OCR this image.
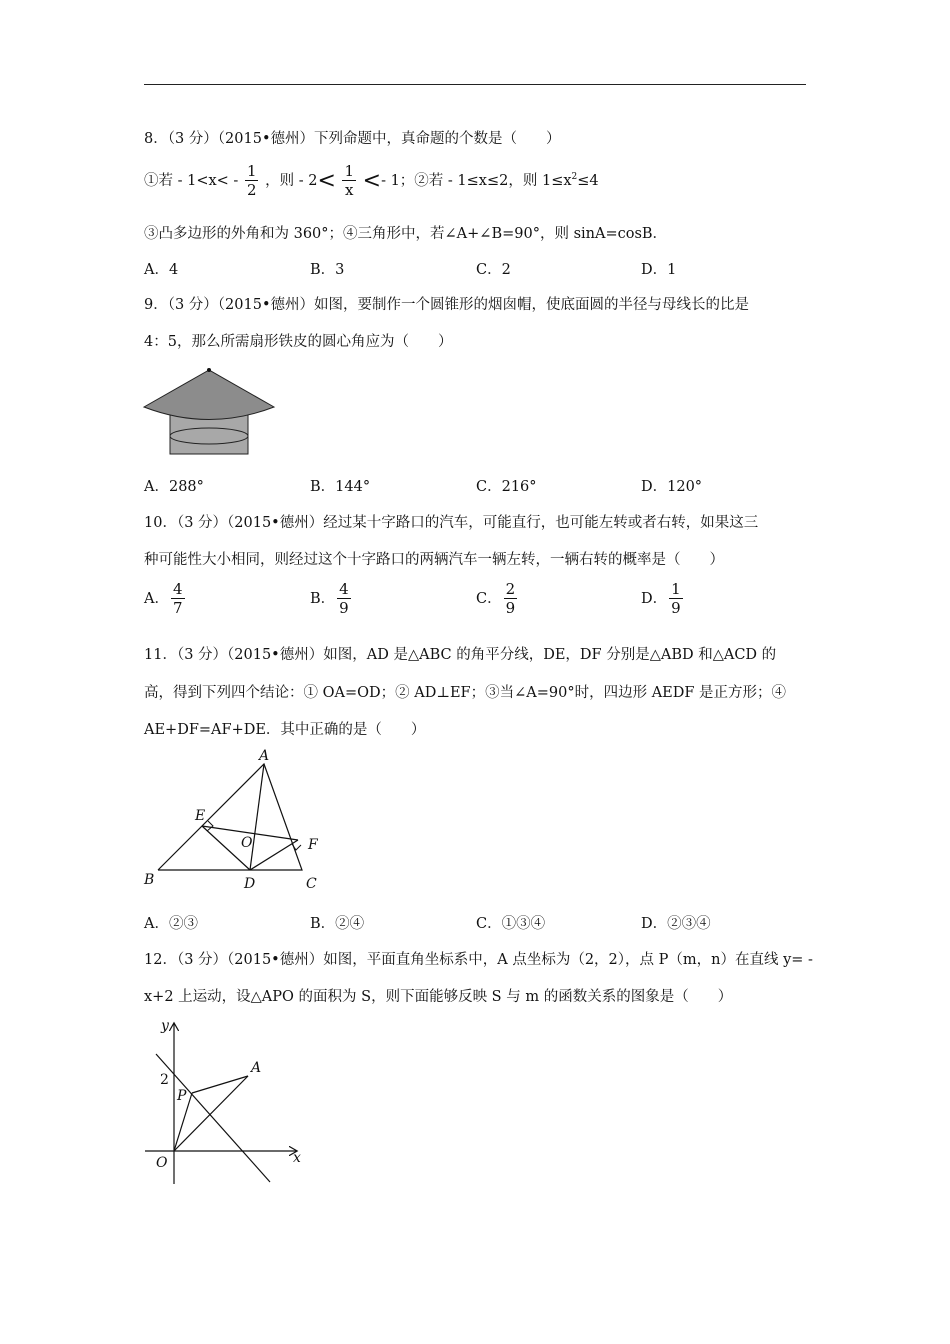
8．（3 分）（2015•德州）下列命题中，真命题的个数是（　　）
①若 - $1<x< - \frac{1}{2}$ ，则 - $2< \frac{1}{x} <- 1$；②若 - 1≤x≤2，则 $1\le x^2\le 4$
③凸多边形的外角和为 360°；④三角形中，若∠A+∠B=90°，则 sinA=cosB．
A．4	B．3	C．2	D．1
9．（3 分）（2015•德州）如图，要制作一个圆锥形的烟囱帽，使底面圆的半径与母线长的比是
4：5，那么所需扇形铁皮的圆心角应为（　　）
A．288°	B．144°	C．216°	D．120°
10．（3 分）（2015•德州）经过某十字路口的汽车，可能直行，也可能左转或者右转，如果这三
种可能性大小相同，则经过这个十字路口的两辆汽车一辆左转，一辆右转的概率是（　　）
A． $\frac{4}{7}$	B． $\frac{4}{9}$	C． $\frac{2}{9}$	D． $\frac{1}{9}$
11．（3 分）（2015•德州）如图，AD 是△ABC 的角平分线，DE，DF 分别是△ABD 和△ACD 的
高，得到下列四个结论：① OA=OD；② AD⊥EF；③当∠A=90°时，四边形 AEDF 是正方形；④
AE+DF=AF+DE．其中正确的是（　　）
A
B	C
D
E
F
O
A．②③	B．②④	C．①③④	D．②③④
12．（3 分）（2015•德州）如图，平面直角坐标系中，A 点坐标为（2，2），点 P（m，n）在直线 y= -
x+2 上运动，设△APO 的面积为 S，则下面能够反映 S 与 m 的函数关系的图象是（　　）
y
x
O
2
A
P
